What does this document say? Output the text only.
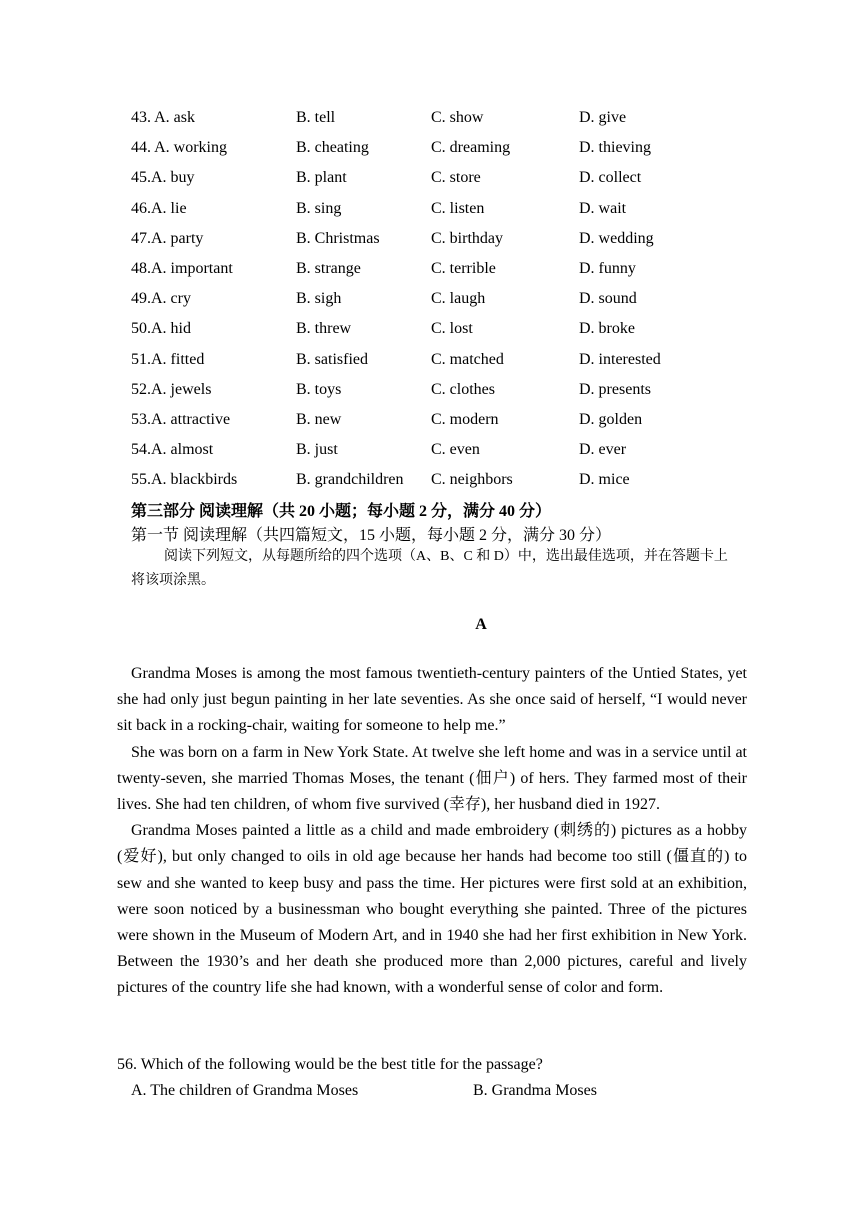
43. A. ask	B. tell	C. show	D. give
44. A. working	B. cheating	C. dreaming	D. thieving
45.A. buy	B. plant	C. store	D. collect
46.A. lie	B. sing	C. listen	D. wait
47.A. party	B. Christmas	C. birthday	D. wedding
48.A. important	B. strange	C. terrible	D. funny
49.A. cry	B. sigh	C. laugh	D. sound
50.A. hid	B. threw	C. lost	D. broke
51.A. fitted	B. satisfied	C. matched	D. interested
52.A. jewels	B. toys	C. clothes	D. presents
53.A. attractive	B. new	C. modern	D. golden
54.A. almost	B. just	C. even	D. ever
55.A. blackbirds	B. grandchildren C. neighbors	D. mice
第三部分 阅读理解（共 20 小题；每小题 2 分，满分 40 分）
第一节 阅读理解（共四篇短文，15 小题，每小题 2 分，满分 30 分）
阅读下列短文，从每题所给的四个选项（A、B、C 和 D）中，选出最佳选项，并在答题卡上将该项涂黑。
A

Grandma Moses is among the most famous twentieth-century painters of the Untied States, yet she had only just begun painting in her late seventies. As she once said of herself, “I would never sit back in a rocking-chair, waiting for someone to help me.”

She was born on a farm in New York State. At twelve she left home and was in a service until at twenty-seven, she married Thomas Moses, the tenant (佃户) of hers. They farmed most of their lives. She had ten children, of whom five survived (幸存), her husband died in 1927.

Grandma Moses painted a little as a child and made embroidery (刺绣的) pictures as a hobby (爱好), but only changed to oils in old age because her hands had become too still (僵直的) to sew and she wanted to keep busy and pass the time. Her pictures were first sold at an exhibition, were soon noticed by a businessman who bought everything she painted. Three of the pictures were shown in the Museum of Modern Art, and in 1940 she had her first exhibition in New York. Between the 1930’s and her death she produced more than 2,000 pictures, careful and lively pictures of the country life she had known, with a wonderful sense of color and form.

56. Which of the following would be the best title for the passage?
A. The children of Grandma Moses	B. Grandma Moses
